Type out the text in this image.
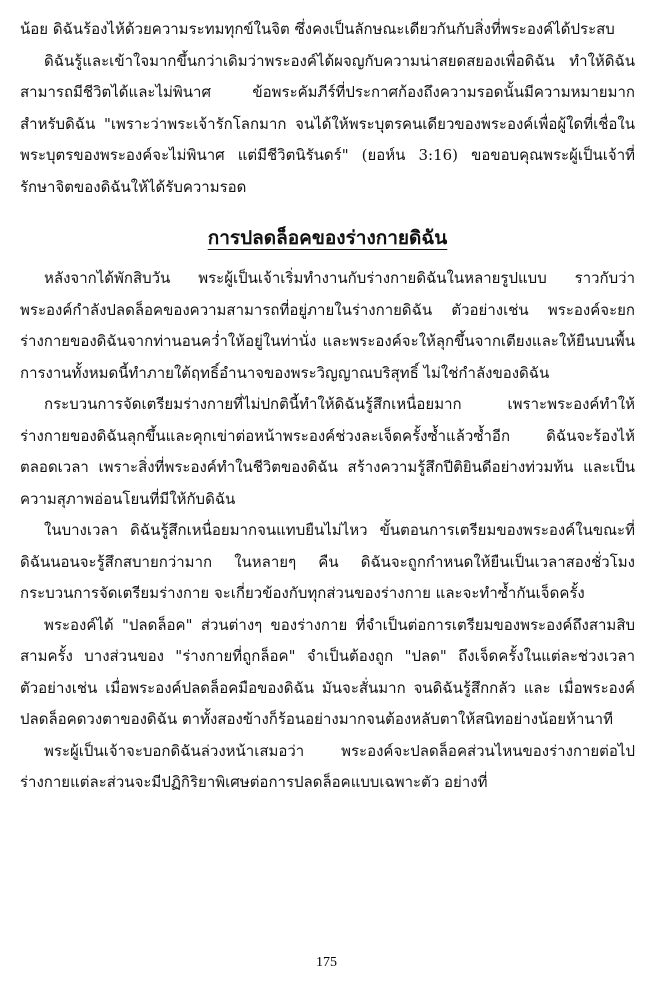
น้อย ดิฉันร้องไห้ด้วยความระทมทุกข์ในจิต ซึ่งคงเป็นลักษณะเดียวกันกับสิ่งที่พระองค์ได้ประสบ

ดิฉันรู้และเข้าใจมากขึ้นกว่าเดิมว่าพระองค์ได้ผจญกับความน่าสยดสยองเพื่อดิฉัน ทำให้ดิฉันสามารถมีชีวิตได้และไม่พินาศ ข้อพระคัมภีร์ที่ประกาศก้องถึงความรอดนั้นมีความหมายมากสำหรับดิฉัน "เพราะว่าพระเจ้ารักโลกมาก จนได้ให้พระบุตรคนเดียวของพระองค์เพื่อผู้ใดที่เชื่อในพระบุตรของพระองค์จะไม่พินาศ แต่มีชีวิตนิรันดร์" (ยอห์น 3:16) ขอขอบคุณพระผู้เป็นเจ้าที่รักษาจิตของดิฉันให้ได้รับความรอด

การปลดล็อคของร่างกายดิฉัน

หลังจากได้พักสิบวัน พระผู้เป็นเจ้าเริ่มทำงานกับร่างกายดิฉันในหลายรูปแบบ ราวกับว่าพระองค์กำลังปลดล็อคของความสามารถที่อยู่ภายในร่างกายดิฉัน ตัวอย่างเช่น พระองค์จะยกร่างกายของดิฉันจากท่านอนคว่ำให้อยู่ในท่านั่ง และพระองค์จะให้ลุกขึ้นจากเตียงและให้ยืนบนพื้น การงานทั้งหมดนี้ทำภายใต้ฤทธิ์อำนาจของพระวิญญาณบริสุทธิ์ ไม่ใช่กำลังของดิฉัน

กระบวนการจัดเตรียมร่างกายที่ไม่ปกตินี้ทำให้ดิฉันรู้สึกเหนื่อยมาก เพราะพระองค์ทำให้ร่างกายของดิฉันลุกขึ้นและคุกเข่าต่อหน้าพระองค์ช่วงละเจ็ดครั้งซ้ำแล้วซ้ำอีก ดิฉันจะร้องไห้ตลอดเวลา เพราะสิ่งที่พระองค์ทำในชีวิตของดิฉัน สร้างความรู้สึกปีติยินดีอย่างท่วมท้น และเป็นความสุภาพอ่อนโยนที่มีให้กับดิฉัน

ในบางเวลา ดิฉันรู้สึกเหนื่อยมากจนแทบยืนไม่ไหว ขั้นตอนการเตรียมของพระองค์ในขณะที่ดิฉันนอนจะรู้สึกสบายกว่ามาก ในหลายๆ คืน ดิฉันจะถูกกำหนดให้ยืนเป็นเวลาสองชั่วโมง กระบวนการจัดเตรียมร่างกาย จะเกี่ยวข้องกับทุกส่วนของร่างกาย และจะทำซ้ำกันเจ็ดครั้ง

พระองค์ได้ "ปลดล็อค" ส่วนต่างๆ ของร่างกาย ที่จำเป็นต่อการเตรียมของพระองค์ถึงสามสิบสามครั้ง บางส่วนของ "ร่างกายที่ถูกล็อค" จำเป็นต้องถูก "ปลด" ถึงเจ็ดครั้งในแต่ละช่วงเวลา ตัวอย่างเช่น เมื่อพระองค์ปลดล็อคมือของดิฉัน มันจะสั่นมาก จนดิฉันรู้สึกกลัว และ เมื่อพระองค์ปลดล็อคดวงตาของดิฉัน ตาทั้งสองข้างก็ร้อนอย่างมากจนต้องหลับตาให้สนิทอย่างน้อยห้านาที

พระผู้เป็นเจ้าจะบอกดิฉันล่วงหน้าเสมอว่า พระองค์จะปลดล็อคส่วนไหนของร่างกายต่อไป ร่างกายแต่ละส่วนจะมีปฏิกิริยาพิเศษต่อการปลดล็อคแบบเฉพาะตัว อย่างที่

175
